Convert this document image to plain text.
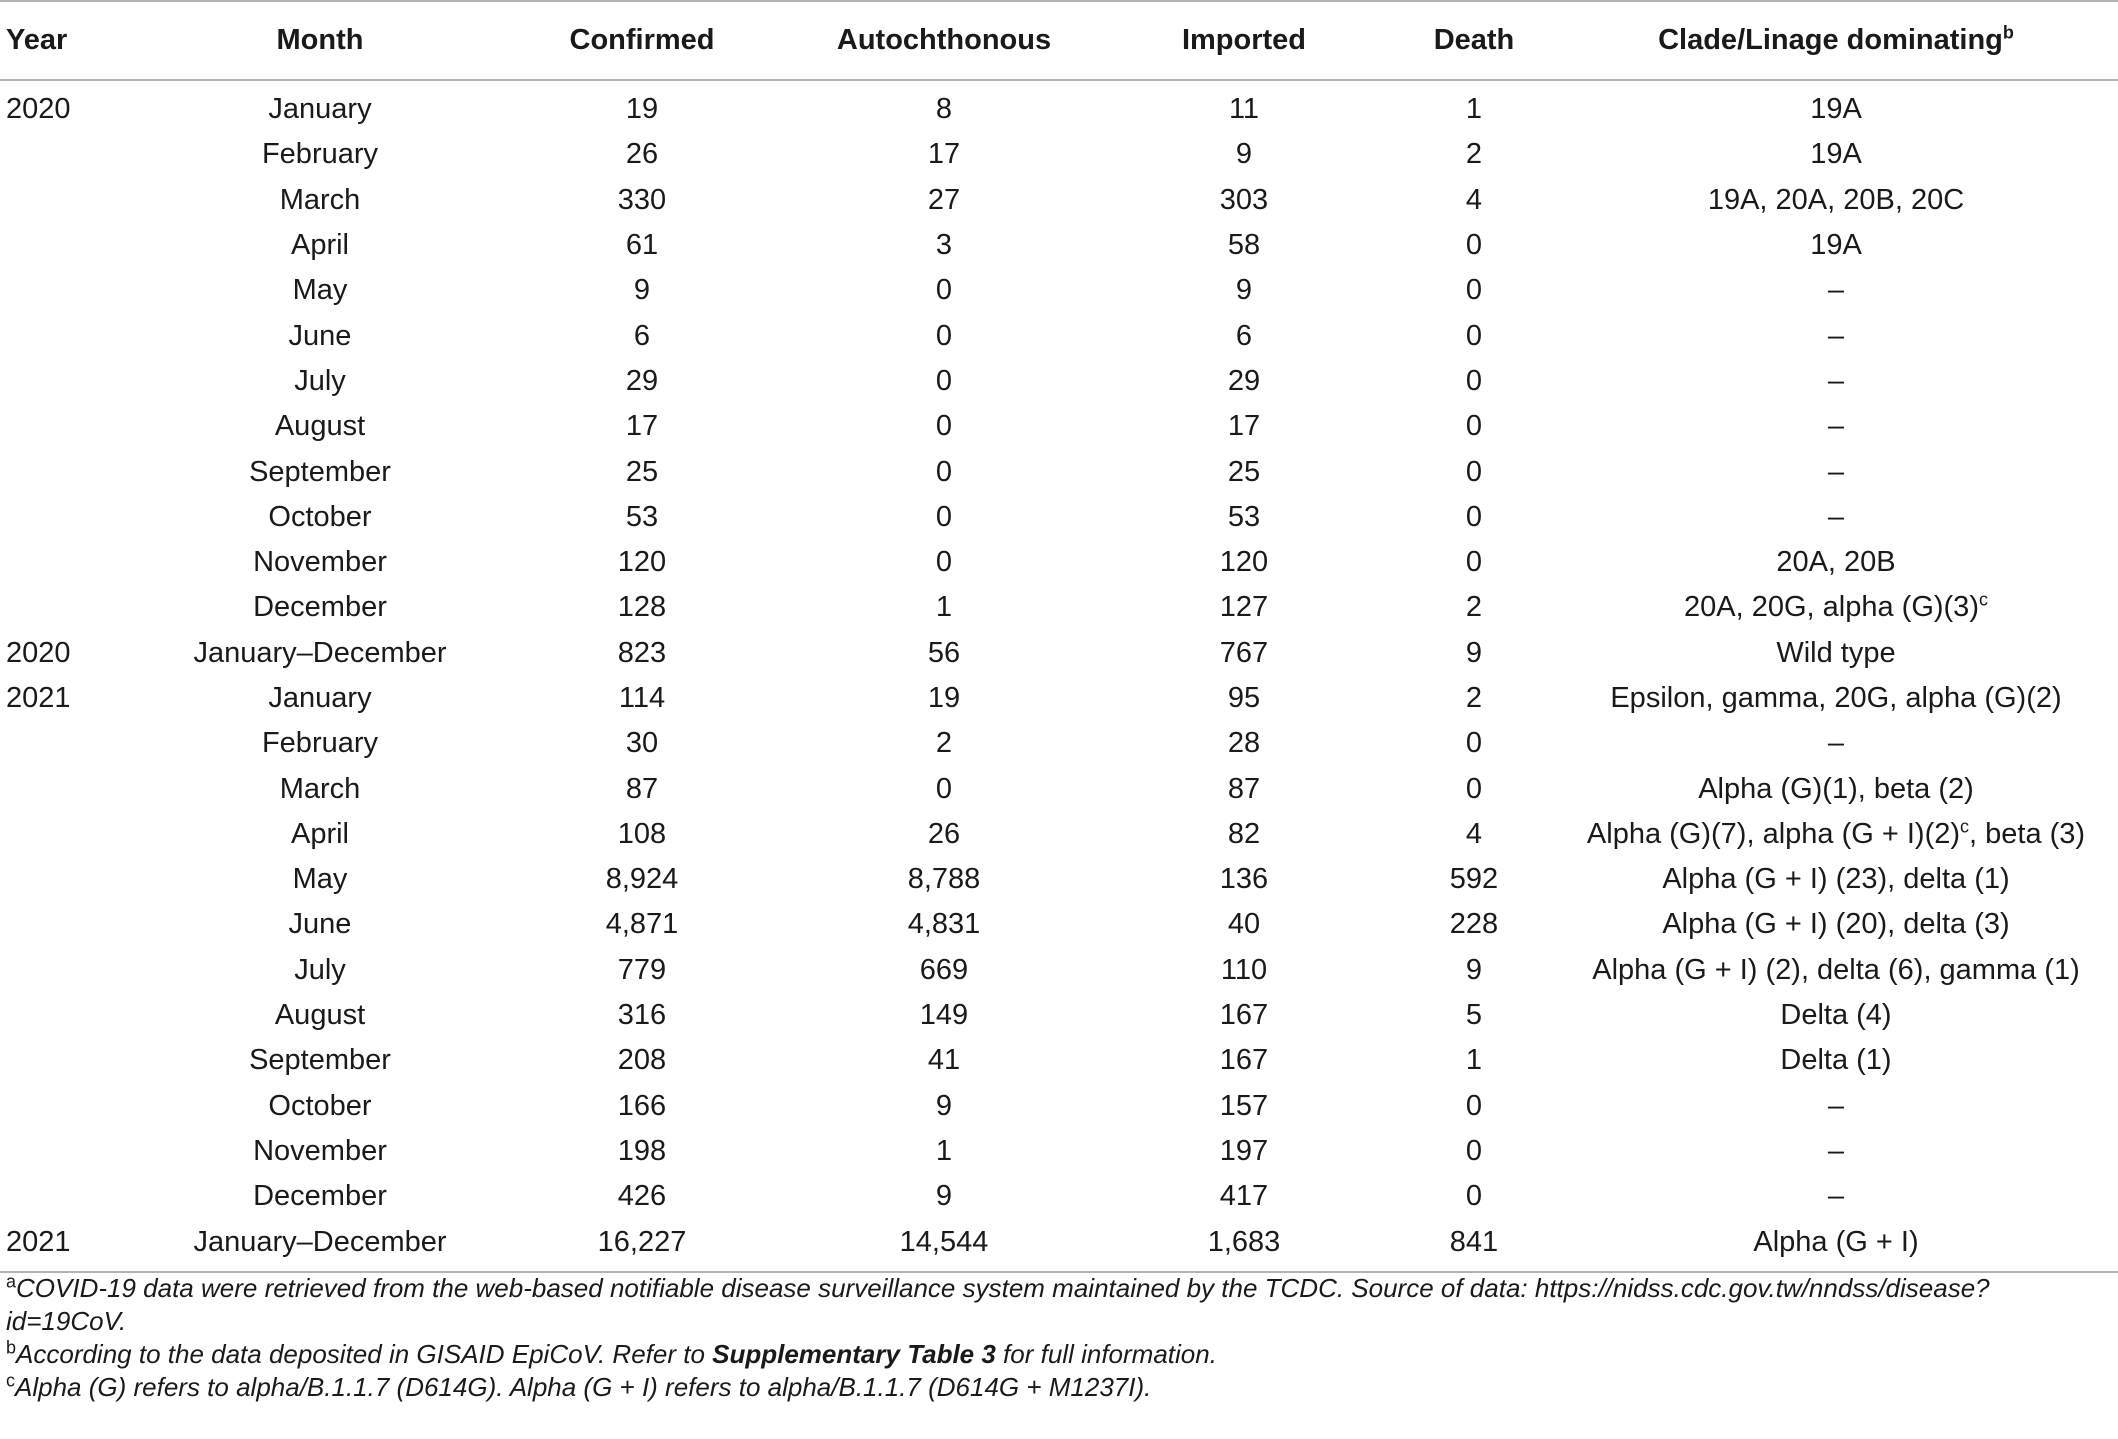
Year	Month	Confirmed	Autochthonous	Imported	Death	Clade/Linage dominating$^b$
2020	January	19	8	11	1	19A
	February	26	17	9	2	19A
	March	330	27	303	4	19A, 20A, 20B, 20C
	April	61	3	58	0	19A
	May	9	0	9	0	–
	June	6	0	6	0	–
	July	29	0	29	0	–
	August	17	0	17	0	–
	September	25	0	25	0	–
	October	53	0	53	0	–
	November	120	0	120	0	20A, 20B
	December	128	1	127	2	20A, 20G, alpha $(G)(3)^c$
2020	January–December	823	56	767	9	Wild type
2021	January	114	19	95	2	Epsilon, gamma, 20G, alpha (G)(2)
	February	30	2	28	0	–
	March	87	0	87	0	Alpha (G)(1), beta (2)
	April	108	26	82	4	Alpha (G)(7), alpha $(G + I)(2)^c$, beta (3)
	May	8,924	8,788	136	592	Alpha (G + I) (23), delta (1)
	June	4,871	4,831	40	228	Alpha (G + I) (20), delta (3)
	July	779	669	110	9	Alpha (G + I) (2), delta (6), gamma (1)
	August	316	149	167	5	Delta (4)
	September	208	41	167	1	Delta (1)
	October	166	9	157	0	–
	November	198	1	197	0	–
	December	426	9	417	0	–
2021	January–December	16,227	14,544	1,683	841	Alpha (G + I)

$^a$COVID-19 data were retrieved from the web-based notifiable disease surveillance system maintained by the TCDC. Source of data: https://nidss.cdc.gov.tw/nndss/disease?id=19CoV.

$^b$According to the data deposited in GISAID EpiCoV. Refer to Supplementary Table 3 for full information.

$^c$Alpha (G) refers to alpha/B.1.1.7 (D614G). Alpha (G + I) refers to alpha/B.1.1.7 (D614G + M1237I).
